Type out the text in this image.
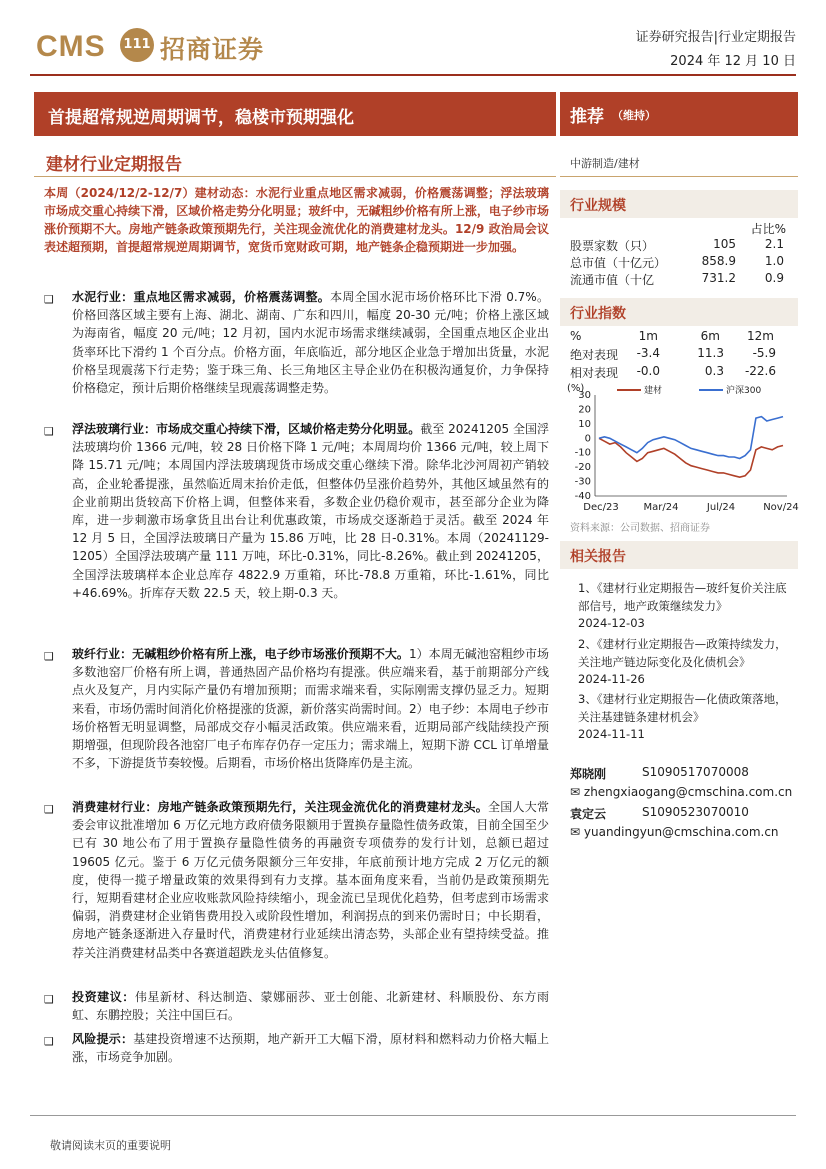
CMS 111 招商证券	证券研究报告|行业定期报告
2024 年 12 月 10 日
首提超常规逆周期调节，稳楼市预期强化	推荐 （维持）
建材行业定期报告	中游制造/建材
本周（2024/12/2-12/7）建材动态：水泥行业重点地区需求减弱，价格震荡调整；浮法玻璃市场成交重心持续下滑，区域价格走势分化明显；玻纤中，无碱粗纱价格有所上涨，电子纱市场涨价预期不大。房地产链条政策预期先行，关注现金流优化的消费建材龙头。12/9 政治局会议表述超预期，首提超常规逆周期调节，宽货币宽财政可期，地产链条企稳预期进一步加强。
❑ 水泥行业：重点地区需求减弱，价格震荡调整。本周全国水泥市场价格环比下滑 0.7%。价格回落区域主要有上海、湖北、湖南、广东和四川，幅度 20-30 元/吨；价格上涨区域为海南省，幅度 20 元/吨；12 月初，国内水泥市场需求继续减弱，全国重点地区企业出货率环比下滑约 1 个百分点。价格方面，年底临近，部分地区企业急于增加出货量，水泥价格呈现震荡下行走势；鉴于珠三角、长三角地区主导企业仍在积极沟通复价，力争保持价格稳定，预计后期价格继续呈现震荡调整走势。
❑ 浮法玻璃行业：市场成交重心持续下滑，区域价格走势分化明显。截至 20241205 全国浮法玻璃均价 1366 元/吨，较 28 日价格下降 1 元/吨；本周周均价 1366 元/吨，较上周下降 15.71 元/吨；本周国内浮法玻璃现货市场成交重心继续下滑。除华北沙河周初产销较高，企业轮番提涨，虽然临近周末抬价走低，但整体仍呈涨价趋势外，其他区域虽然有的企业前期出货较高下价格上调，但整体来看，多数企业仍稳价观市，甚至部分企业为降库，进一步刺激市场拿货且出台让利优惠政策，市场成交逐渐趋于灵活。截至 2024 年 12 月 5 日，全国浮法玻璃日产量为 15.86 万吨，比 28 日-0.31%。本周（20241129-1205）全国浮法玻璃产量 111 万吨，环比-0.31%，同比-8.26%。截止到 20241205，全国浮法玻璃样本企业总库存 4822.9 万重箱，环比-78.8 万重箱，环比-1.61%，同比+46.69%。折库存天数 22.5 天，较上期-0.3 天。
❑ 玻纤行业：无碱粗纱价格有所上涨，电子纱市场涨价预期不大。1）本周无碱池窑粗纱市场多数池窑厂价格有所上调，普通热固产品价格均有提涨。供应端来看，基于前期部分产线点火及复产，月内实际产量仍有增加预期；而需求端来看，实际刚需支撑仍显乏力。短期来看，市场仍需时间消化价格提涨的货源，新价落实尚需时间。2）电子纱：本周电子纱市场价格暂无明显调整，局部成交存小幅灵活政策。供应端来看，近期局部产线陆续投产预期增强，但现阶段各池窑厂电子布库存仍存一定压力；需求端上，短期下游 CCL 订单增量不多，下游提货节奏较慢。后期看，市场价格出货降库仍是主流。
❑ 消费建材行业：房地产链条政策预期先行，关注现金流优化的消费建材龙头。全国人大常委会审议批准增加 6 万亿元地方政府债务限额用于置换存量隐性债务政策，目前全国至少已有 30 地公布了用于置换存量隐性债务的再融资专项债券的发行计划，总额已超过 19605 亿元。鉴于 6 万亿元债务限额分三年安排，年底前预计地方完成 2 万亿元的额度，使得一揽子增量政策的效果得到有力支撑。基本面角度来看，当前仍是政策预期先行，短期看建材企业应收账款风险持续缩小，现金流已呈现优化趋势，但考虑到市场需求偏弱，消费建材企业销售费用投入或阶段性增加，利润拐点的到来仍需时日；中长期看，房地产链条逐渐进入存量时代，消费建材行业延续出清态势，头部企业有望持续受益。推荐关注消费建材品类中各赛道超跌龙头估值修复。
❑ 投资建议：伟星新材、科达制造、蒙娜丽莎、亚士创能、北新建材、科顺股份、东方雨虹、东鹏控股；关注中国巨石。
❑ 风险提示：基建投资增速不达预期，地产新开工大幅下滑，原材料和燃料动力价格大幅上涨，市场竞争加剧。
行业规模
占比%
股票家数（只）	105 2.1
总市值（十亿元）	858.9 1.0
流通市值（十亿	731.2 0.9
行业指数
%	1m	6m 12m
绝对表现 -3.4	11.3 -5.9
相对表现 -0.0	0.3 -22.6
(%)
30
20
10
0
-10
-20
-30
-40
Dec/23 Mar/24	Jul/24	Nov/24
建材	沪深300
资料来源：公司数据、招商证券
相关报告
1、《建材行业定期报告—玻纤复价关注底部信号，地产政策继续发力》
2024-12-03
2、《建材行业定期报告—政策持续发力，关注地产链边际变化及化债机会》
2024-11-26
3、《建材行业定期报告—化债政策落地，关注基建链条建材机会》
2024-11-11
郑晓刚	S1090517070008
✉ zhengxiaogang@cmschina.com.cn
袁定云	S1090523070010
✉ yuandingyun@cmschina.com.cn
敬请阅读末页的重要说明
